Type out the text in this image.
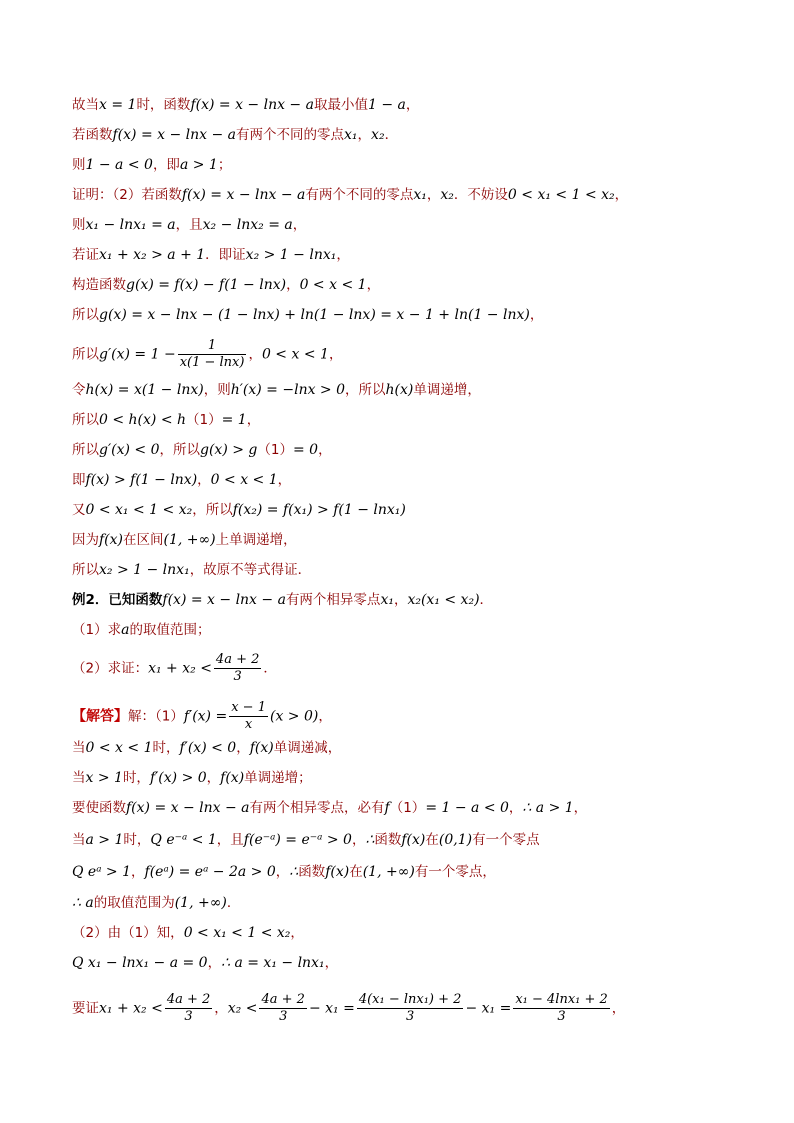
故当x = 1时，函数f(x) = x − lnx − a取最小值1 − a，
若函数f(x) = x − lnx − a有两个不同的零点x₁，x₂．
则1 − a < 0，即a > 1；
证明：（2）若函数f(x) = x − lnx − a有两个不同的零点x₁，x₂．不妨设0 < x₁ < 1 < x₂，
则x₁ − lnx₁ = a，且x₂ − lnx₂ = a，
若证x₁ + x₂ > a + 1．即证x₂ > 1 − lnx₁，
构造函数g(x) = f(x) − f(1 − lnx)，0 < x < 1，
所以g(x) = x − lnx − (1 − lnx) + ln(1 − lnx) = x − 1 + ln(1 − lnx)，
所以$g'(x) = 1 - \frac{1}{x(1 - \ln x)}$ ，0 < x < 1，
令h(x) = x(1 − lnx)，则h′(x) = −lnx > 0，所以h(x)单调递增，
所以0 < h(x) < h（1）= 1，
所以g′(x) < 0，所以g(x) > g（1）= 0，
即f(x) > f(1 − lnx)，0 < x < 1，
又0 < x₁ < 1 < x₂，所以f(x₂) = f(x₁) > f(1 − lnx₁)
因为f(x)在区间(1, +∞)上单调递增，
所以x₂ > 1 − lnx₁，故原不等式得证．
例2．已知函数f(x) = x − lnx − a有两个相异零点x₁，x₂(x₁ < x₂)．
（1）求a的取值范围；
（2）求证：$x_1 + x_2 < \frac{4a + 2}{3}$ ．
【解答】解：$(1)f'(x) = \frac{x - 1}{x} (x > 0)$，
当0 < x < 1时，f′(x) < 0，f(x)单调递减，
当x > 1时，f′(x) > 0，f(x)单调递增；
要使函数f(x) = x − lnx − a有两个相异零点，必有f（1）= 1 − a < 0，∴ a > 1，
当a > 1时，Q e⁻ᵃ < 1，且f(e⁻ᵃ) = e⁻ᵃ > 0，∴函数f(x)在(0,1)有一个零点
Q eᵃ > 1，f(eᵃ) = eᵃ − 2a > 0，∴函数f(x)在(1, +∞)有一个零点，
∴ a的取值范围为(1, +∞)．
（2）由（1）知，0 < x₁ < 1 < x₂，
Q x₁ − lnx₁ − a = 0，∴ a = x₁ − lnx₁，
要证$x_1 + x_2 < \frac{4a + 2}{3}$ ，$x_2 < \frac{4a + 2}{3} - x_1 = \frac{\text{4(x₁ − lnx₁) + 2}}{3} - x_1 = \frac{\text{x₁ − 4lnx₁ + 2}}{3}$ ，
